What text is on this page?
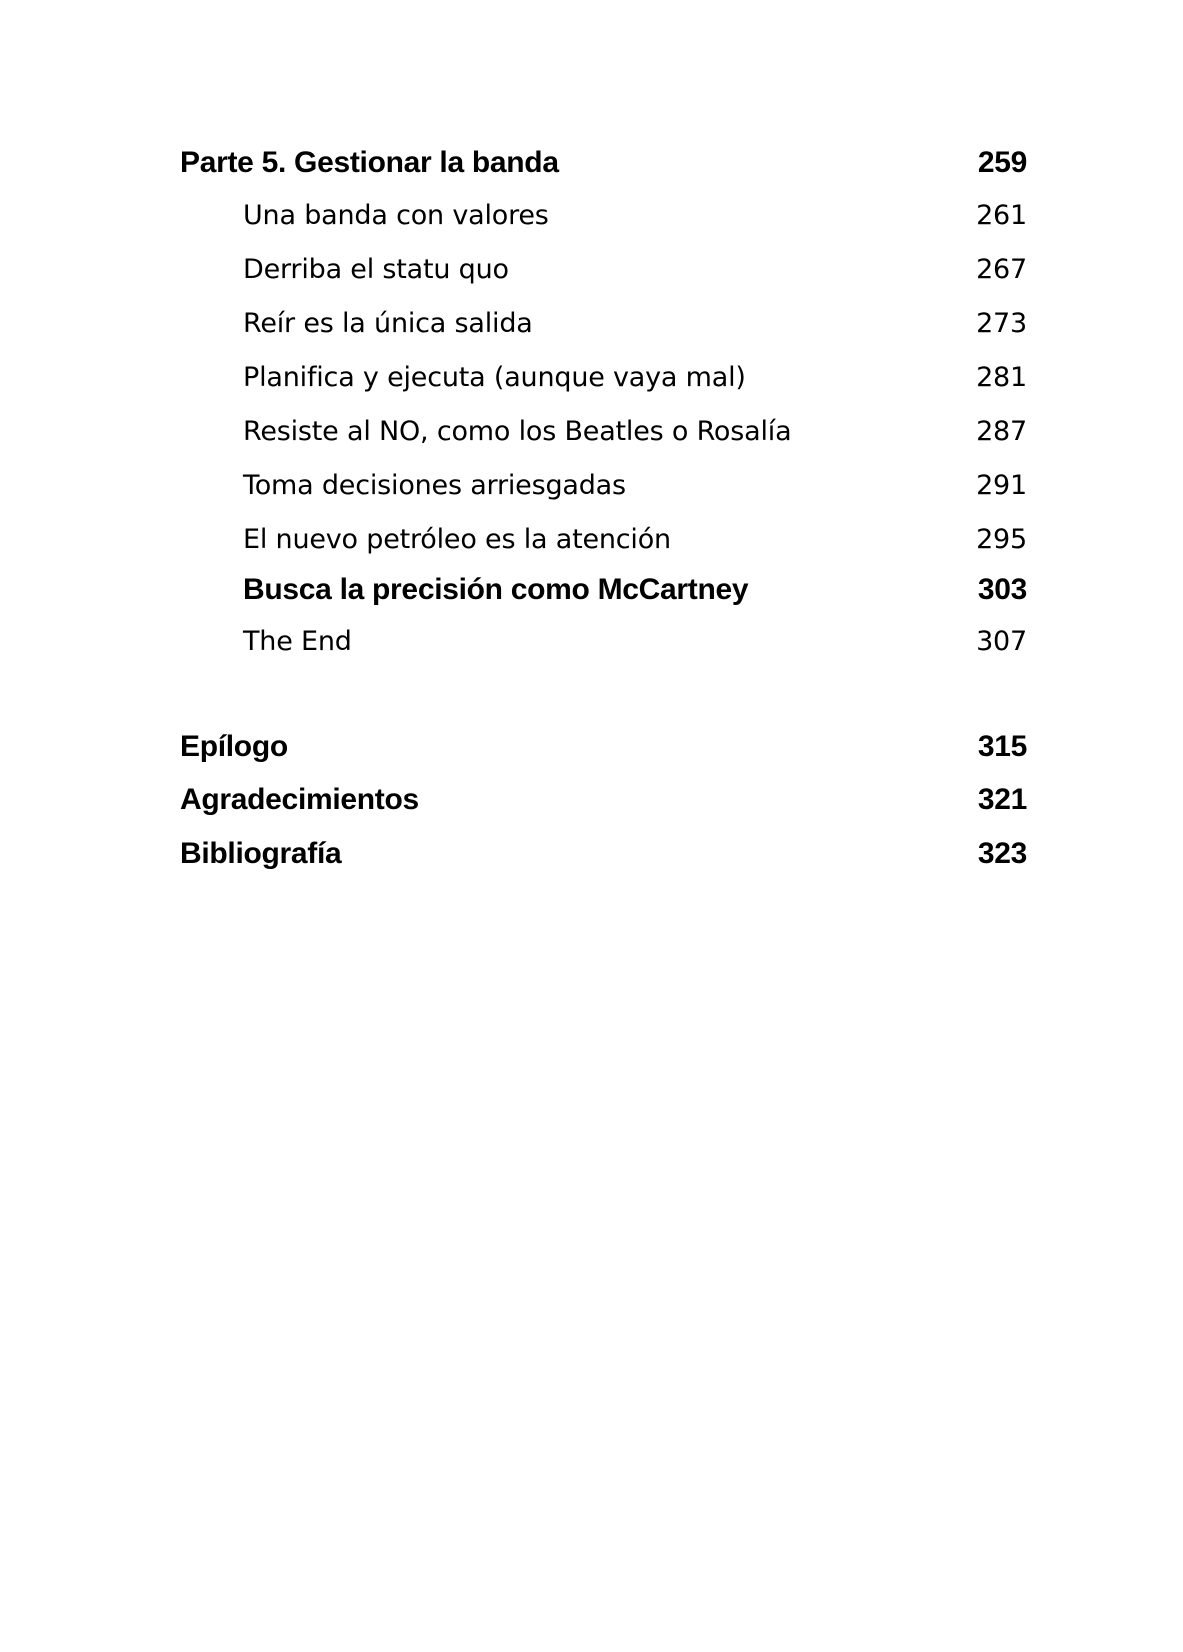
Parte 5. Gestionar la banda	259
Una banda con valores	261
Derriba el statu quo	267
Reír es la única salida	273
Planifica y ejecuta (aunque vaya mal)	281
Resiste al NO, como los Beatles o Rosalía	287
Toma decisiones arriesgadas	291
El nuevo petróleo es la atención	295
Busca la precisión como McCartney	303
The End	307
Epílogo	315
Agradecimientos	321
Bibliografía	323
